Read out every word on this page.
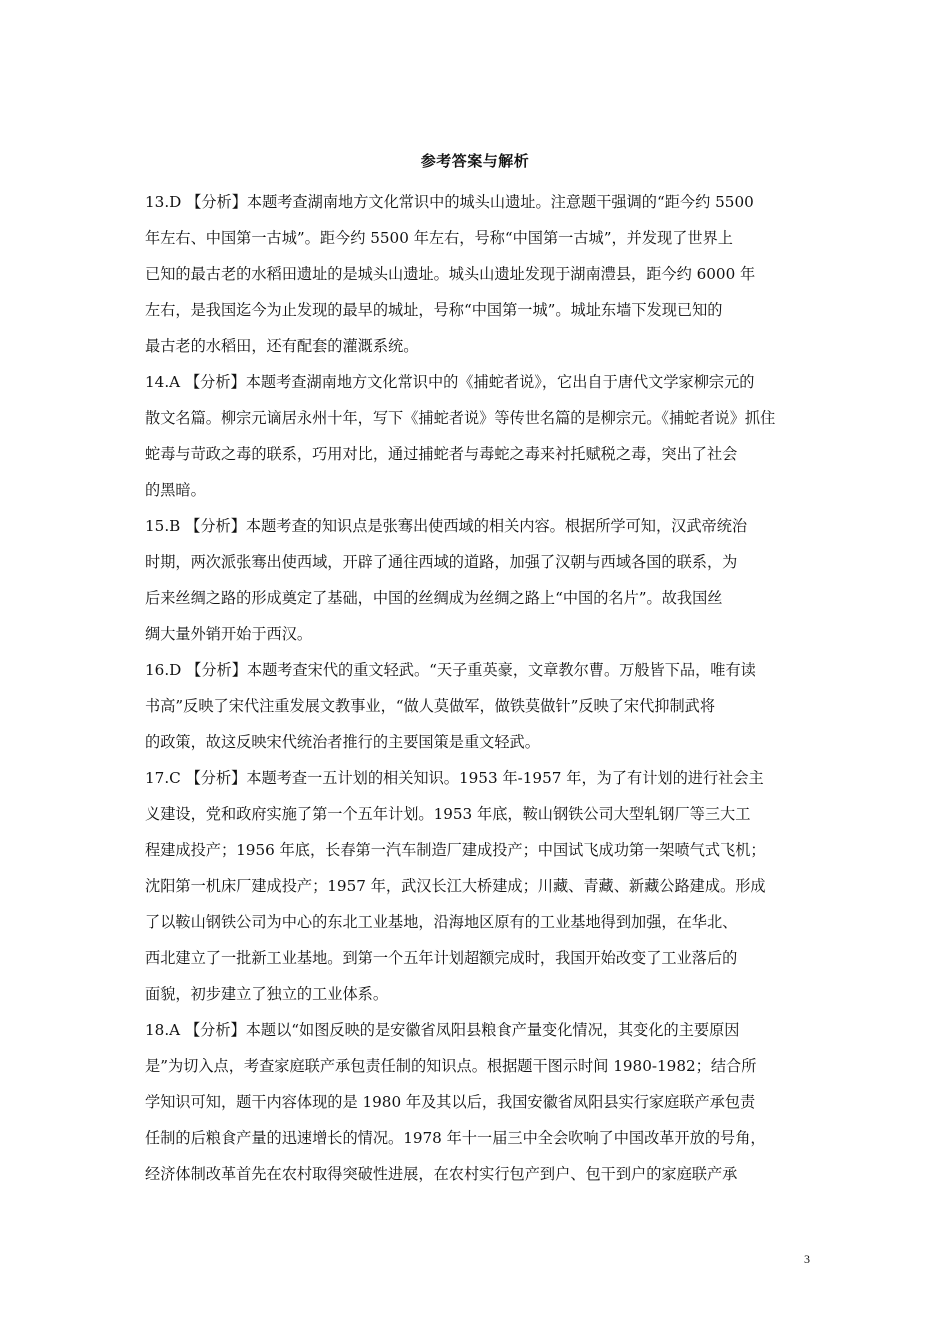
参考答案与解析
13.D 【分析】本题考查湖南地方文化常识中的城头山遗址。注意题干强调的“距今约 5500
年左右、中国第一古城”。距今约 5500 年左右，号称“中国第一古城”，并发现了世界上
已知的最古老的水稻田遗址的是城头山遗址。城头山遗址发现于湖南澧县，距今约 6000 年
左右，是我国迄今为止发现的最早的城址，号称“中国第一城”。城址东墙下发现已知的
最古老的水稻田，还有配套的灌溉系统。
14.A 【分析】本题考查湖南地方文化常识中的《捕蛇者说》，它出自于唐代文学家柳宗元的
散文名篇。柳宗元谪居永州十年，写下《捕蛇者说》等传世名篇的是柳宗元。《捕蛇者说》抓住
蛇毒与苛政之毒的联系，巧用对比，通过捕蛇者与毒蛇之毒来衬托赋税之毒，突出了社会
的黑暗。
15.B 【分析】本题考查的知识点是张骞出使西域的相关内容。根据所学可知，汉武帝统治
时期，两次派张骞出使西域，开辟了通往西域的道路，加强了汉朝与西域各国的联系，为
后来丝绸之路的形成奠定了基础，中国的丝绸成为丝绸之路上“中国的名片”。故我国丝
绸大量外销开始于西汉。
16.D 【分析】本题考查宋代的重文轻武。“天子重英豪，文章教尔曹。万般皆下品，唯有读
书高”反映了宋代注重发展文教事业，“做人莫做军，做铁莫做针”反映了宋代抑制武将
的政策，故这反映宋代统治者推行的主要国策是重文轻武。
17.C 【分析】本题考查一五计划的相关知识。1953 年-1957 年，为了有计划的进行社会主
义建设，党和政府实施了第一个五年计划。1953 年底，鞍山钢铁公司大型轧钢厂等三大工
程建成投产；1956 年底，长春第一汽车制造厂建成投产；中国试飞成功第一架喷气式飞机；
沈阳第一机床厂建成投产；1957 年，武汉长江大桥建成；川藏、青藏、新藏公路建成。形成
了以鞍山钢铁公司为中心的东北工业基地，沿海地区原有的工业基地得到加强，在华北、
西北建立了一批新工业基地。到第一个五年计划超额完成时，我国开始改变了工业落后的
面貌，初步建立了独立的工业体系。
18.A 【分析】本题以“如图反映的是安徽省凤阳县粮食产量变化情况，其变化的主要原因
是”为切入点，考查家庭联产承包责任制的知识点。根据题干图示时间 1980-1982；结合所
学知识可知，题干内容体现的是 1980 年及其以后，我国安徽省凤阳县实行家庭联产承包责
任制的后粮食产量的迅速增长的情况。1978 年十一届三中全会吹响了中国改革开放的号角，
经济体制改革首先在农村取得突破性进展，在农村实行包产到户、包干到户的家庭联产承
3
